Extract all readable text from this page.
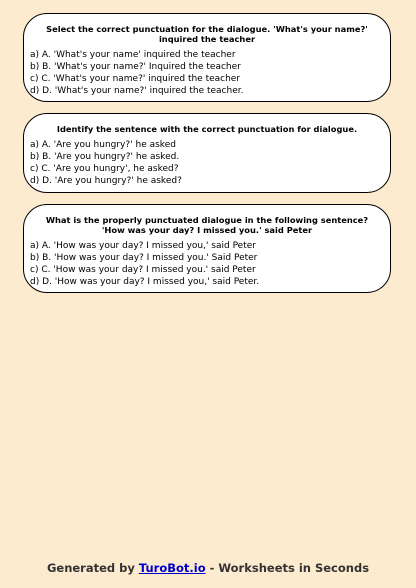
Select the correct punctuation for the dialogue. 'What's your name?' inquired the teacher

a) A. 'What's your name' inquired the teacher
b) B. 'What's your name?' Inquired the teacher
c) C. 'What's your name?' inquired the teacher
d) D. 'What's your name?' inquired the teacher.

Identify the sentence with the correct punctuation for dialogue.

a) A. 'Are you hungry?' he asked
b) B. 'Are you hungry?' he asked.
c) C. 'Are you hungry', he asked?
d) D. 'Are you hungry?' he asked?

What is the properly punctuated dialogue in the following sentence? 'How was your day? I missed you.' said Peter

a) A. 'How was your day? I missed you,' said Peter
b) B. 'How was your day? I missed you.' Said Peter
c) C. 'How was your day? I missed you.' said Peter
d) D. 'How was your day? I missed you,' said Peter.

Generated by TuroBot.io - Worksheets in Seconds
